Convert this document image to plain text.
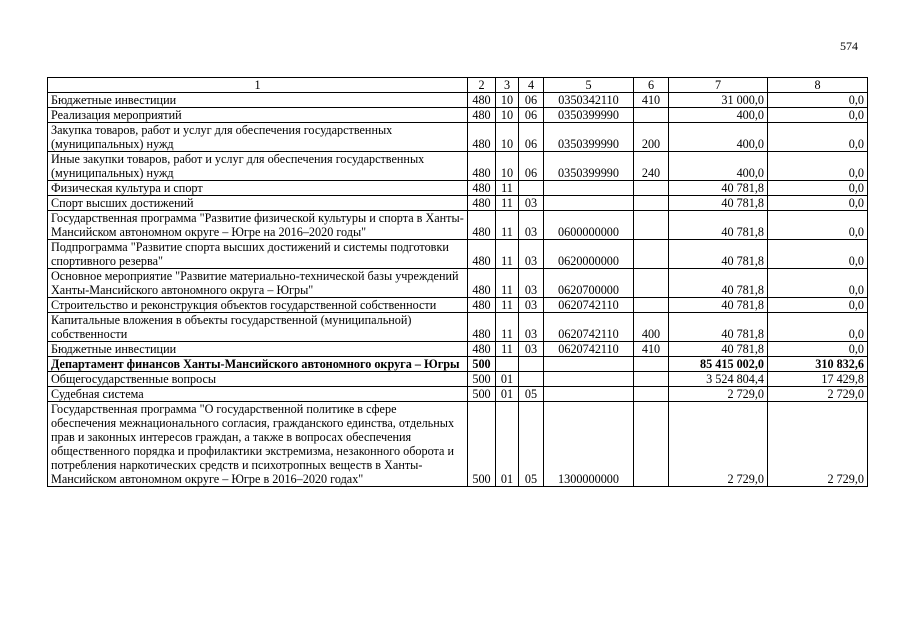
574
1	2	3	4	5	6	7	8
Бюджетные инвестиции	480	10	06	0350342110	410	31 000,0	0,0
Реализация мероприятий	480	10	06	0350399990		400,0	0,0
Закупка товаров, работ и услуг для обеспечения государственных (муниципальных) нужд	480	10	06	0350399990	200	400,0	0,0
Иные закупки товаров, работ и услуг для обеспечения государственных (муниципальных) нужд	480	10	06	0350399990	240	400,0	0,0
Физическая культура и спорт	480	11				40 781,8	0,0
Спорт высших достижений	480	11	03			40 781,8	0,0
Государственная программа "Развитие физической культуры и спорта в Ханты-Мансийском автономном округе – Югре на 2016–2020 годы"	480	11	03	0600000000		40 781,8	0,0
Подпрограмма "Развитие спорта высших достижений и системы подготовки спортивного резерва"	480	11	03	0620000000		40 781,8	0,0
Основное мероприятие "Развитие материально-технической базы учреждений Ханты-Мансийского автономного округа – Югры"	480	11	03	0620700000		40 781,8	0,0
Строительство и реконструкция объектов государственной собственности	480	11	03	0620742110		40 781,8	0,0
Капитальные вложения в объекты государственной (муниципальной) собственности	480	11	03	0620742110	400	40 781,8	0,0
Бюджетные инвестиции	480	11	03	0620742110	410	40 781,8	0,0
Департамент финансов Ханты-Мансийского автономного округа – Югры	500					85 415 002,0	310 832,6
Общегосударственные вопросы	500	01				3 524 804,4	17 429,8
Судебная система	500	01	05			2 729,0	2 729,0
Государственная программа "О государственной политике в сфере обеспечения межнационального согласия, гражданского единства, отдельных прав и законных интересов граждан, а также в вопросах обеспечения общественного порядка и профилактики экстремизма, незаконного оборота и потребления наркотических средств и психотропных веществ в Ханты-Мансийском автономном округе – Югре в 2016–2020 годах"	500	01	05	1300000000		2 729,0	2 729,0
